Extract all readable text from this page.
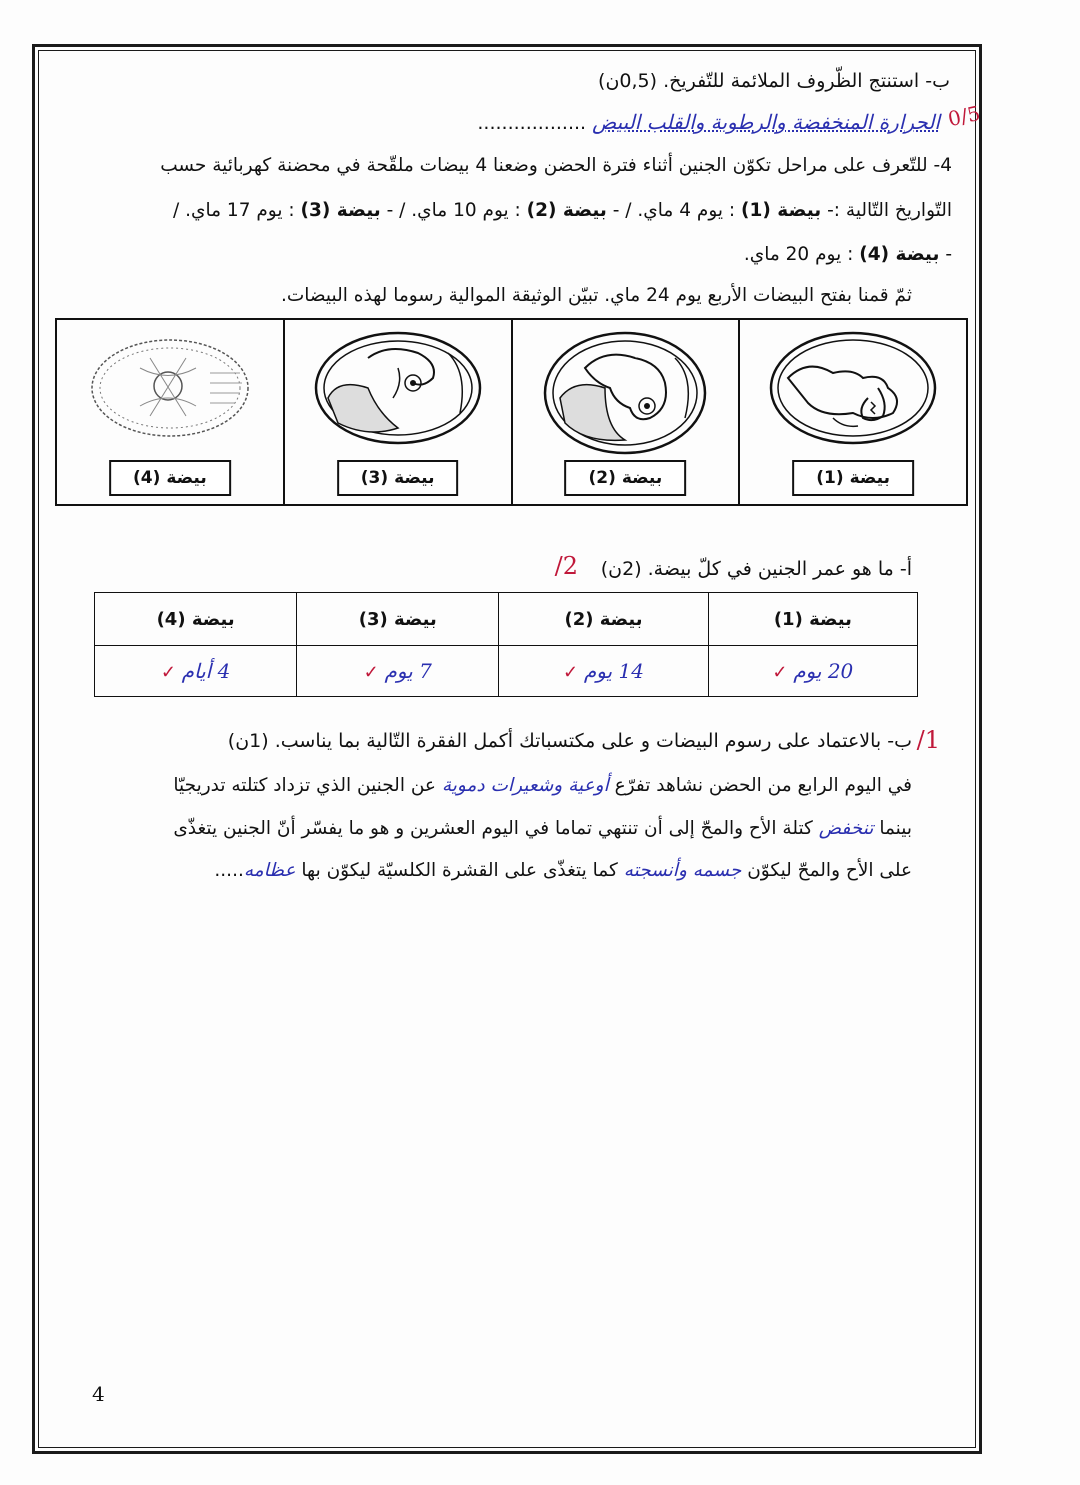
ب- استنتج الظّروف الملائمة للتّفريخ. (0,5ن)
0/5
الحرارة المنخفضة والرطوبة والقلب البيض ..................
4- للتّعرف على مراحل تكوّن الجنين أثناء فترة الحضن وضعنا 4 بيضات ملقّحة في محضنة كهربائية حسب
التّواريخ التّالية :- بيضة (1) : يوم 4 ماي. / - بيضة (2) : يوم 10 ماي. / - بيضة (3) : يوم 17 ماي. /
- بيضة (4) : يوم 20 ماي.
ثمّ قمنا بفتح البيضات الأربع يوم 24 ماي. تبيّن الوثيقة الموالية رسوما لهذه البيضات.
بيضة (1)
بيضة (2)
بيضة (3)
بيضة (4)
أ- ما هو عمر الجنين في كلّ بيضة. (2ن)
2/
بيضة (1)	بيضة (2)	بيضة (3)	بيضة (4)
20 يوم ✓	14 يوم ✓	7 يوم ✓	4 أيام ✓
ب- بالاعتماد على رسوم البيضات و على مكتسباتك أكمل الفقرة التّالية بما يناسب. (1ن) 1/
في اليوم الرابع من الحضن نشاهد تفرّع أوعية وشعيرات دموية عن الجنين الذي تزداد كتلته تدريجيّا
بينما تنخفض كتلة الأح والمحّ إلى أن تنتهي تماما في اليوم العشرين و هو ما يفسّر أنّ الجنين يتغذّى
على الأح والمحّ ليكوّن جسمه وأنسجته كما يتغذّى على القشرة الكلسيّة ليكوّن بها عظامه.....
4
